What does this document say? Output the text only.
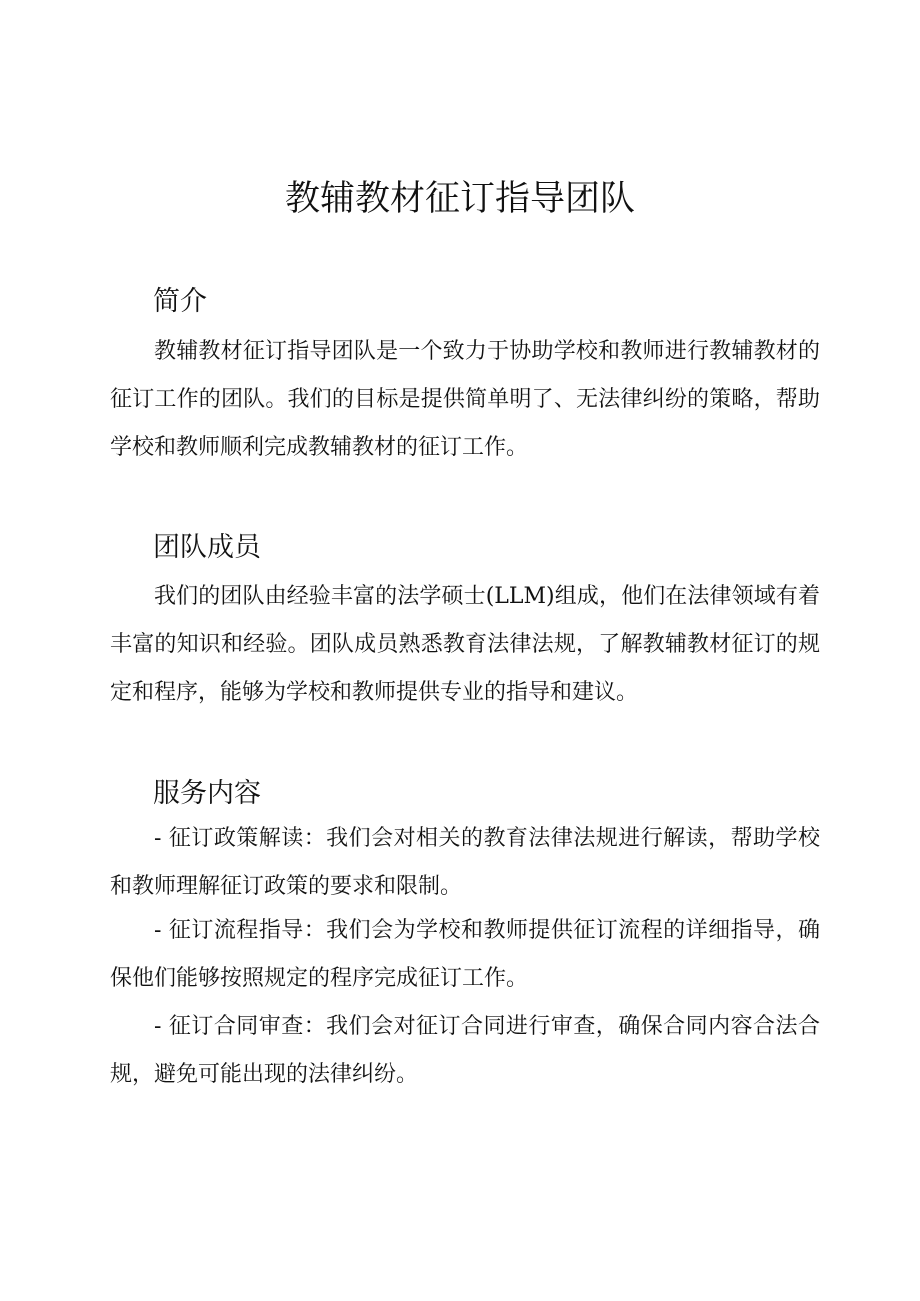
教辅教材征订指导团队
简介

教辅教材征订指导团队是一个致力于协助学校和教师进行教辅教材的征订工作的团队。我们的目标是提供简单明了、无法律纠纷的策略，帮助学校和教师顺利完成教辅教材的征订工作。

团队成员

我们的团队由经验丰富的法学硕士(LLM)组成，他们在法律领域有着丰富的知识和经验。团队成员熟悉教育法律法规，了解教辅教材征订的规定和程序，能够为学校和教师提供专业的指导和建议。

服务内容

- 征订政策解读：我们会对相关的教育法律法规进行解读，帮助学校和教师理解征订政策的要求和限制。

- 征订流程指导：我们会为学校和教师提供征订流程的详细指导，确保他们能够按照规定的程序完成征订工作。

- 征订合同审查：我们会对征订合同进行审查，确保合同内容合法合规，避免可能出现的法律纠纷。
